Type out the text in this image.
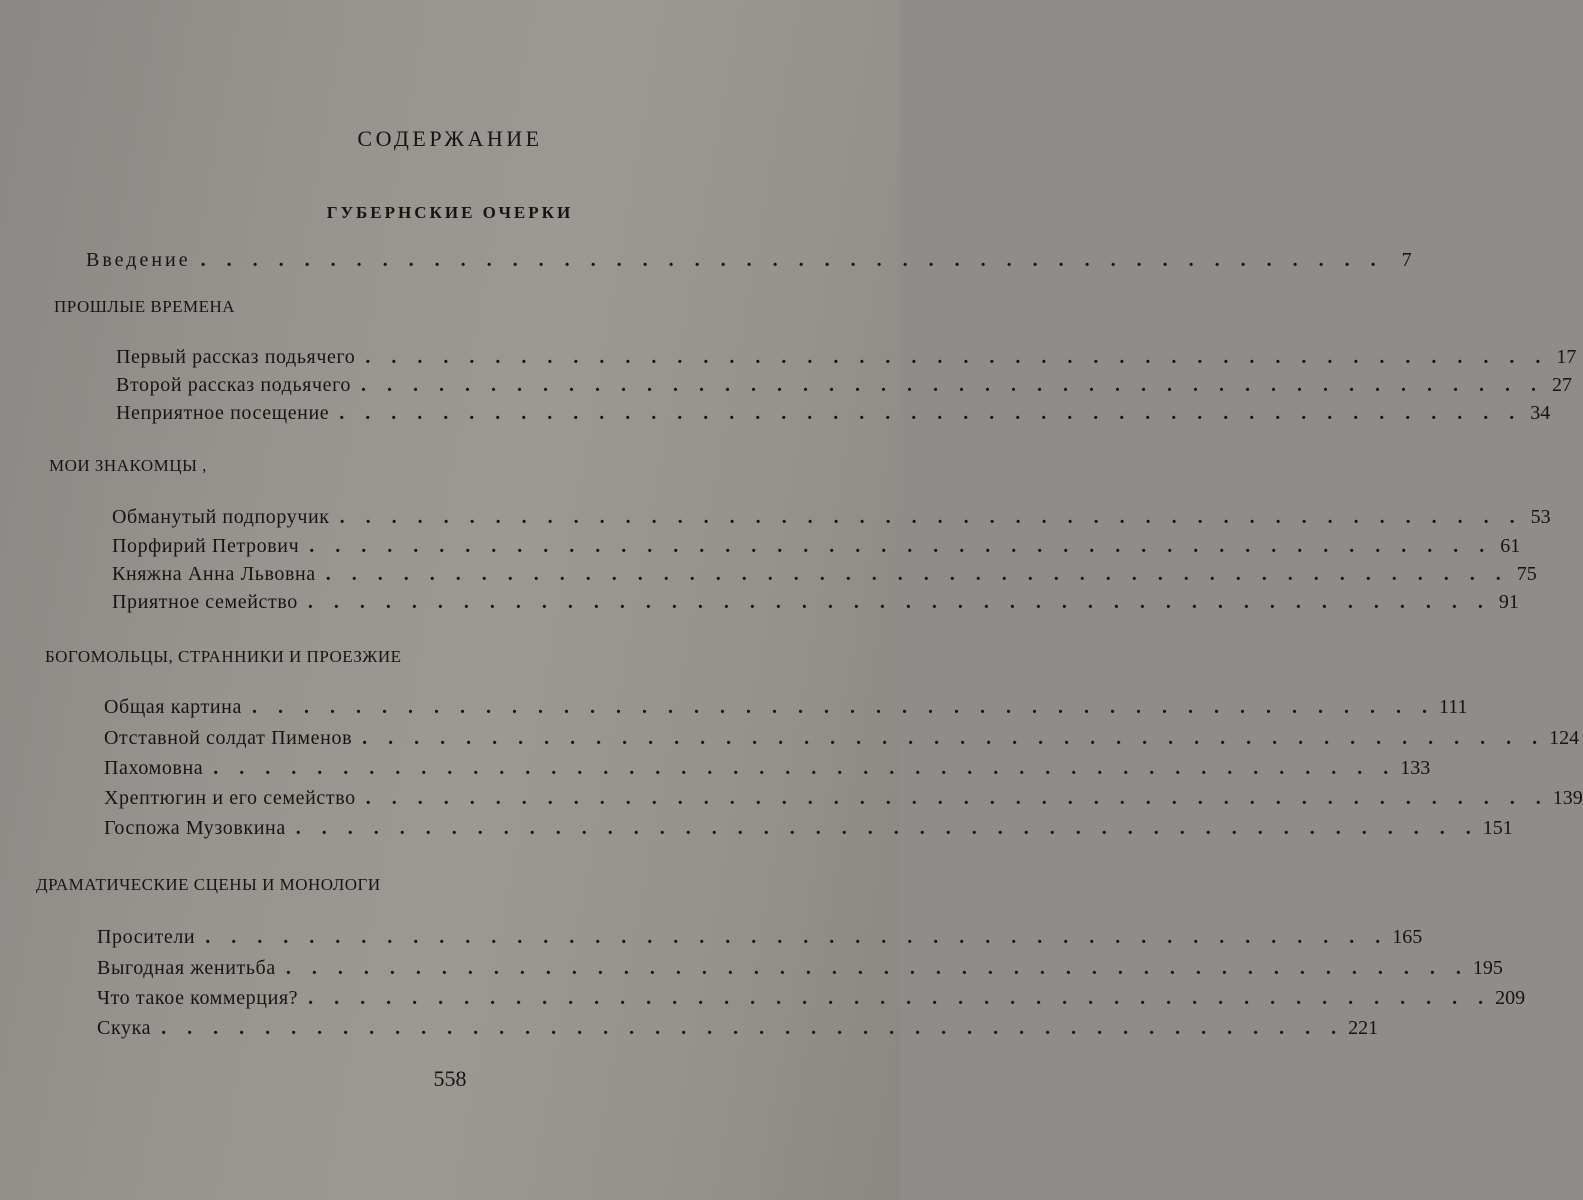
СОДЕРЖАНИЕ
ГУБЕРНСКИЕ ОЧЕРКИ
Введение . . . . . . . . . . . . . . . . . . . . . . . . . . . . . . . . . . . . . . . . . . . . . . 7
ПРОШЛЫЕ ВРЕМЕНА
Первый рассказ подьячего . . . . . . . . . . . . . . . . . . . . . . . . . . . . . . . . . . . . . . . . . . . . . . 17
Второй рассказ подьячего . . . . . . . . . . . . . . . . . . . . . . . . . . . . . . . . . . . . . . . . . . . . . . 27
Неприятное посещение . . . . . . . . . . . . . . . . . . . . . . . . . . . . . . . . . . . . . . . . . . . . . . 34
МОИ ЗНАКОМЦЫ ,
Обманутый подпоручик . . . . . . . . . . . . . . . . . . . . . . . . . . . . . . . . . . . . . . . . . . . . . . 53
Порфирий Петрович . . . . . . . . . . . . . . . . . . . . . . . . . . . . . . . . . . . . . . . . . . . . . . 61
Княжна Анна Львовна . . . . . . . . . . . . . . . . . . . . . . . . . . . . . . . . . . . . . . . . . . . . . . 75
Приятное семейство . . . . . . . . . . . . . . . . . . . . . . . . . . . . . . . . . . . . . . . . . . . . . . 91
БОГОМОЛЬЦЫ, СТРАННИКИ И ПРОЕЗЖИЕ
Общая картина . . . . . . . . . . . . . . . . . . . . . . . . . . . . . . . . . . . . . . . . . . . . . . 111
Отставной солдат Пименов . . . . . . . . . . . . . . . . . . . . . . . . . . . . . . . . . . . . . . . . . . . . . . 124
Пахомовна . . . . . . . . . . . . . . . . . . . . . . . . . . . . . . . . . . . . . . . . . . . . . . 133
Хрептюгин и его семейство . . . . . . . . . . . . . . . . . . . . . . . . . . . . . . . . . . . . . . . . . . . . . . 139
Госпожа Музовкина . . . . . . . . . . . . . . . . . . . . . . . . . . . . . . . . . . . . . . . . . . . . . . 151
ДРАМАТИЧЕСКИЕ СЦЕНЫ И МОНОЛОГИ
Просители . . . . . . . . . . . . . . . . . . . . . . . . . . . . . . . . . . . . . . . . . . . . . . 165
Выгодная женитьба . . . . . . . . . . . . . . . . . . . . . . . . . . . . . . . . . . . . . . . . . . . . . . 195
Что такое коммерция? . . . . . . . . . . . . . . . . . . . . . . . . . . . . . . . . . . . . . . . . . . . . . . 209
Скука . . . . . . . . . . . . . . . . . . . . . . . . . . . . . . . . . . . . . . . . . . . . . . 221
558
